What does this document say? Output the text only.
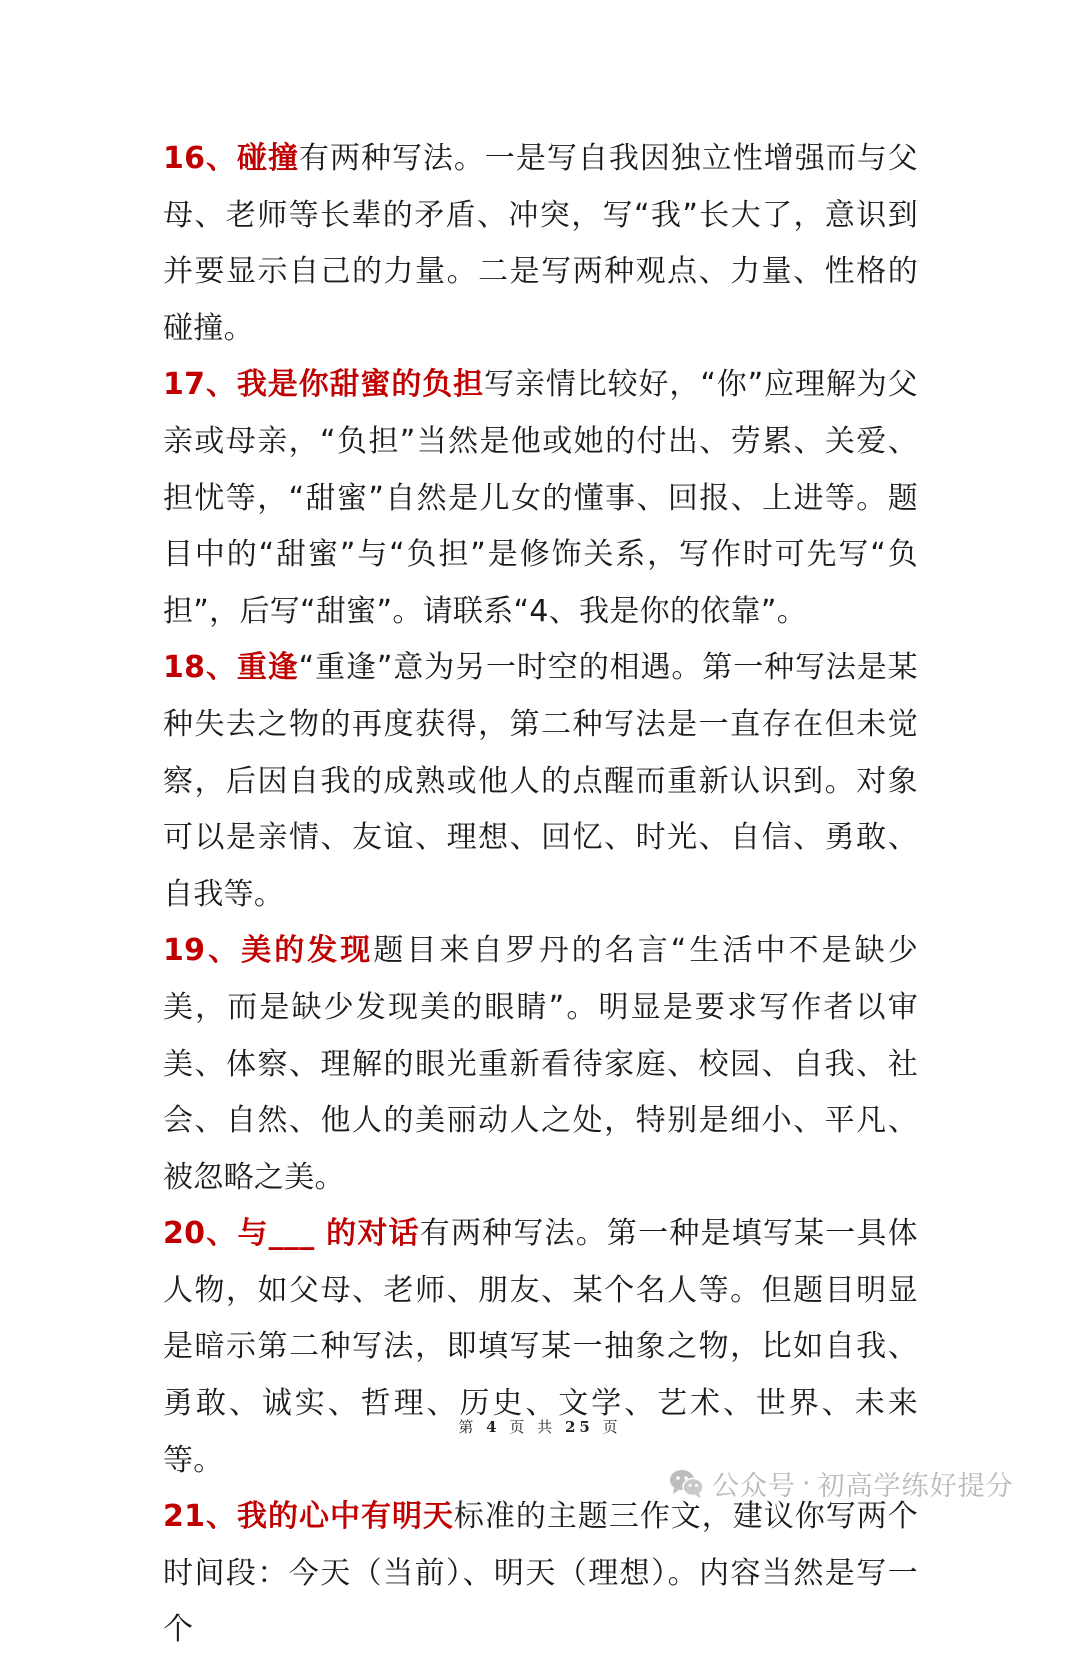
16、碰撞有两种写法。一是写自我因独立性增强而与父母、老师等长辈的矛盾、冲突，写“我”长大了，意识到并要显示自己的力量。二是写两种观点、力量、性格的碰撞。

17、我是你甜蜜的负担写亲情比较好，“你”应理解为父亲或母亲，“负担”当然是他或她的付出、劳累、关爱、担忧等，“甜蜜”自然是儿女的懂事、回报、上进等。题目中的“甜蜜”与“负担”是修饰关系，写作时可先写“负担”，后写“甜蜜”。请联系“4、我是你的依靠”。

18、重逢“重逢”意为另一时空的相遇。第一种写法是某种失去之物的再度获得，第二种写法是一直存在但未觉察，后因自我的成熟或他人的点醒而重新认识到。对象可以是亲情、友谊、理想、回忆、时光、自信、勇敢、自我等。

19、美的发现题目来自罗丹的名言“生活中不是缺少美，而是缺少发现美的眼睛”。明显是要求写作者以审美、体察、理解的眼光重新看待家庭、校园、自我、社会、自然、他人的美丽动人之处，特别是细小、平凡、被忽略之美。

20、与___ 的对话有两种写法。第一种是填写某一具体人物，如父母、老师、朋友、某个名人等。但题目明显是暗示第二种写法，即填写某一抽象之物，比如自我、勇敢、诚实、哲理、历史、文学、艺术、世界、未来等。

21、我的心中有明天标准的主题三作文，建议你写两个时间段：今天（当前）、明天（理想）。内容当然是写一个

第 4 页 共 25 页
公众号 · 初高学练好提分
